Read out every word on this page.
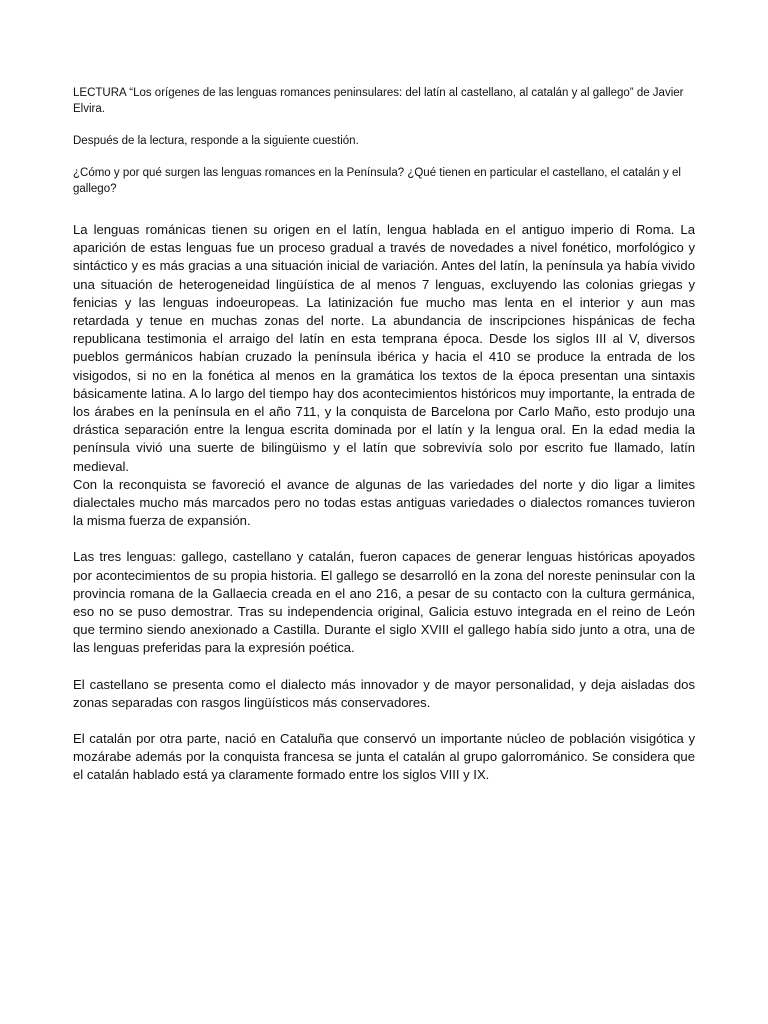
LECTURA “Los orígenes de las lenguas romances peninsulares: del latín al castellano, al catalán y al gallego” de Javier Elvira.

Después de la lectura, responde a la siguiente cuestión.

¿Cómo y por qué surgen las lenguas romances en la Península? ¿Qué tienen en particular el castellano, el catalán y el gallego?

La lenguas románicas tienen su origen en el latín, lengua hablada en el antiguo imperio di Roma. La aparición de estas lenguas fue un proceso gradual a través de novedades a nivel fonético, morfológico y sintáctico y es más gracias a una situación inicial de variación. Antes del latín, la península ya había vivido una situación de heterogeneidad lingüística de al menos 7 lenguas, excluyendo las colonias griegas y fenicias y las lenguas indoeuropeas. La latinización fue mucho mas lenta en el interior y aun mas retardada y tenue en muchas zonas del norte. La abundancia de inscripciones hispánicas de fecha republicana testimonia el arraigo del latín en esta temprana época. Desde los siglos III al V, diversos pueblos germánicos habían cruzado la península ibérica y hacia el 410 se produce la entrada de los visigodos, si no en la fonética al menos en la gramática los textos de la época presentan una sintaxis básicamente latina. A lo largo del tiempo hay dos acontecimientos históricos muy importante, la entrada de los árabes en la península en el año 711, y la conquista de Barcelona por Carlo Maño, esto produjo una drástica separación entre la lengua escrita dominada por el latín y la lengua oral. En la edad media la península vivió una suerte de bilingüismo y el latín que sobrevivía solo por escrito fue llamado, latín medieval.

Con la reconquista se favoreció el avance de algunas de las variedades del norte y dio ligar a limites dialectales mucho más marcados pero no todas estas antiguas variedades o dialectos romances tuvieron la misma fuerza de expansión.

Las tres lenguas: gallego, castellano y catalán, fueron capaces de generar lenguas históricas apoyados por acontecimientos de su propia historia. El gallego se desarrolló en la zona del noreste peninsular con la provincia romana de la Gallaecia creada en el ano 216, a pesar de su contacto con la cultura germánica, eso no se puso demostrar. Tras su independencia original, Galicia estuvo integrada en el reino de León que termino siendo anexionado a Castilla. Durante el siglo XVIII el gallego había sido junto a otra, una de las lenguas preferidas para la expresión poética.

El castellano se presenta como el dialecto más innovador y de mayor personalidad, y deja aisladas dos zonas separadas con rasgos lingüísticos más conservadores.

El catalán por otra parte, nació en Cataluña que conservó un importante núcleo de población visigótica y mozárabe además por la conquista francesa se junta el catalán al grupo galorrománico. Se considera que el catalán hablado está ya claramente formado entre los siglos VIII y IX.
